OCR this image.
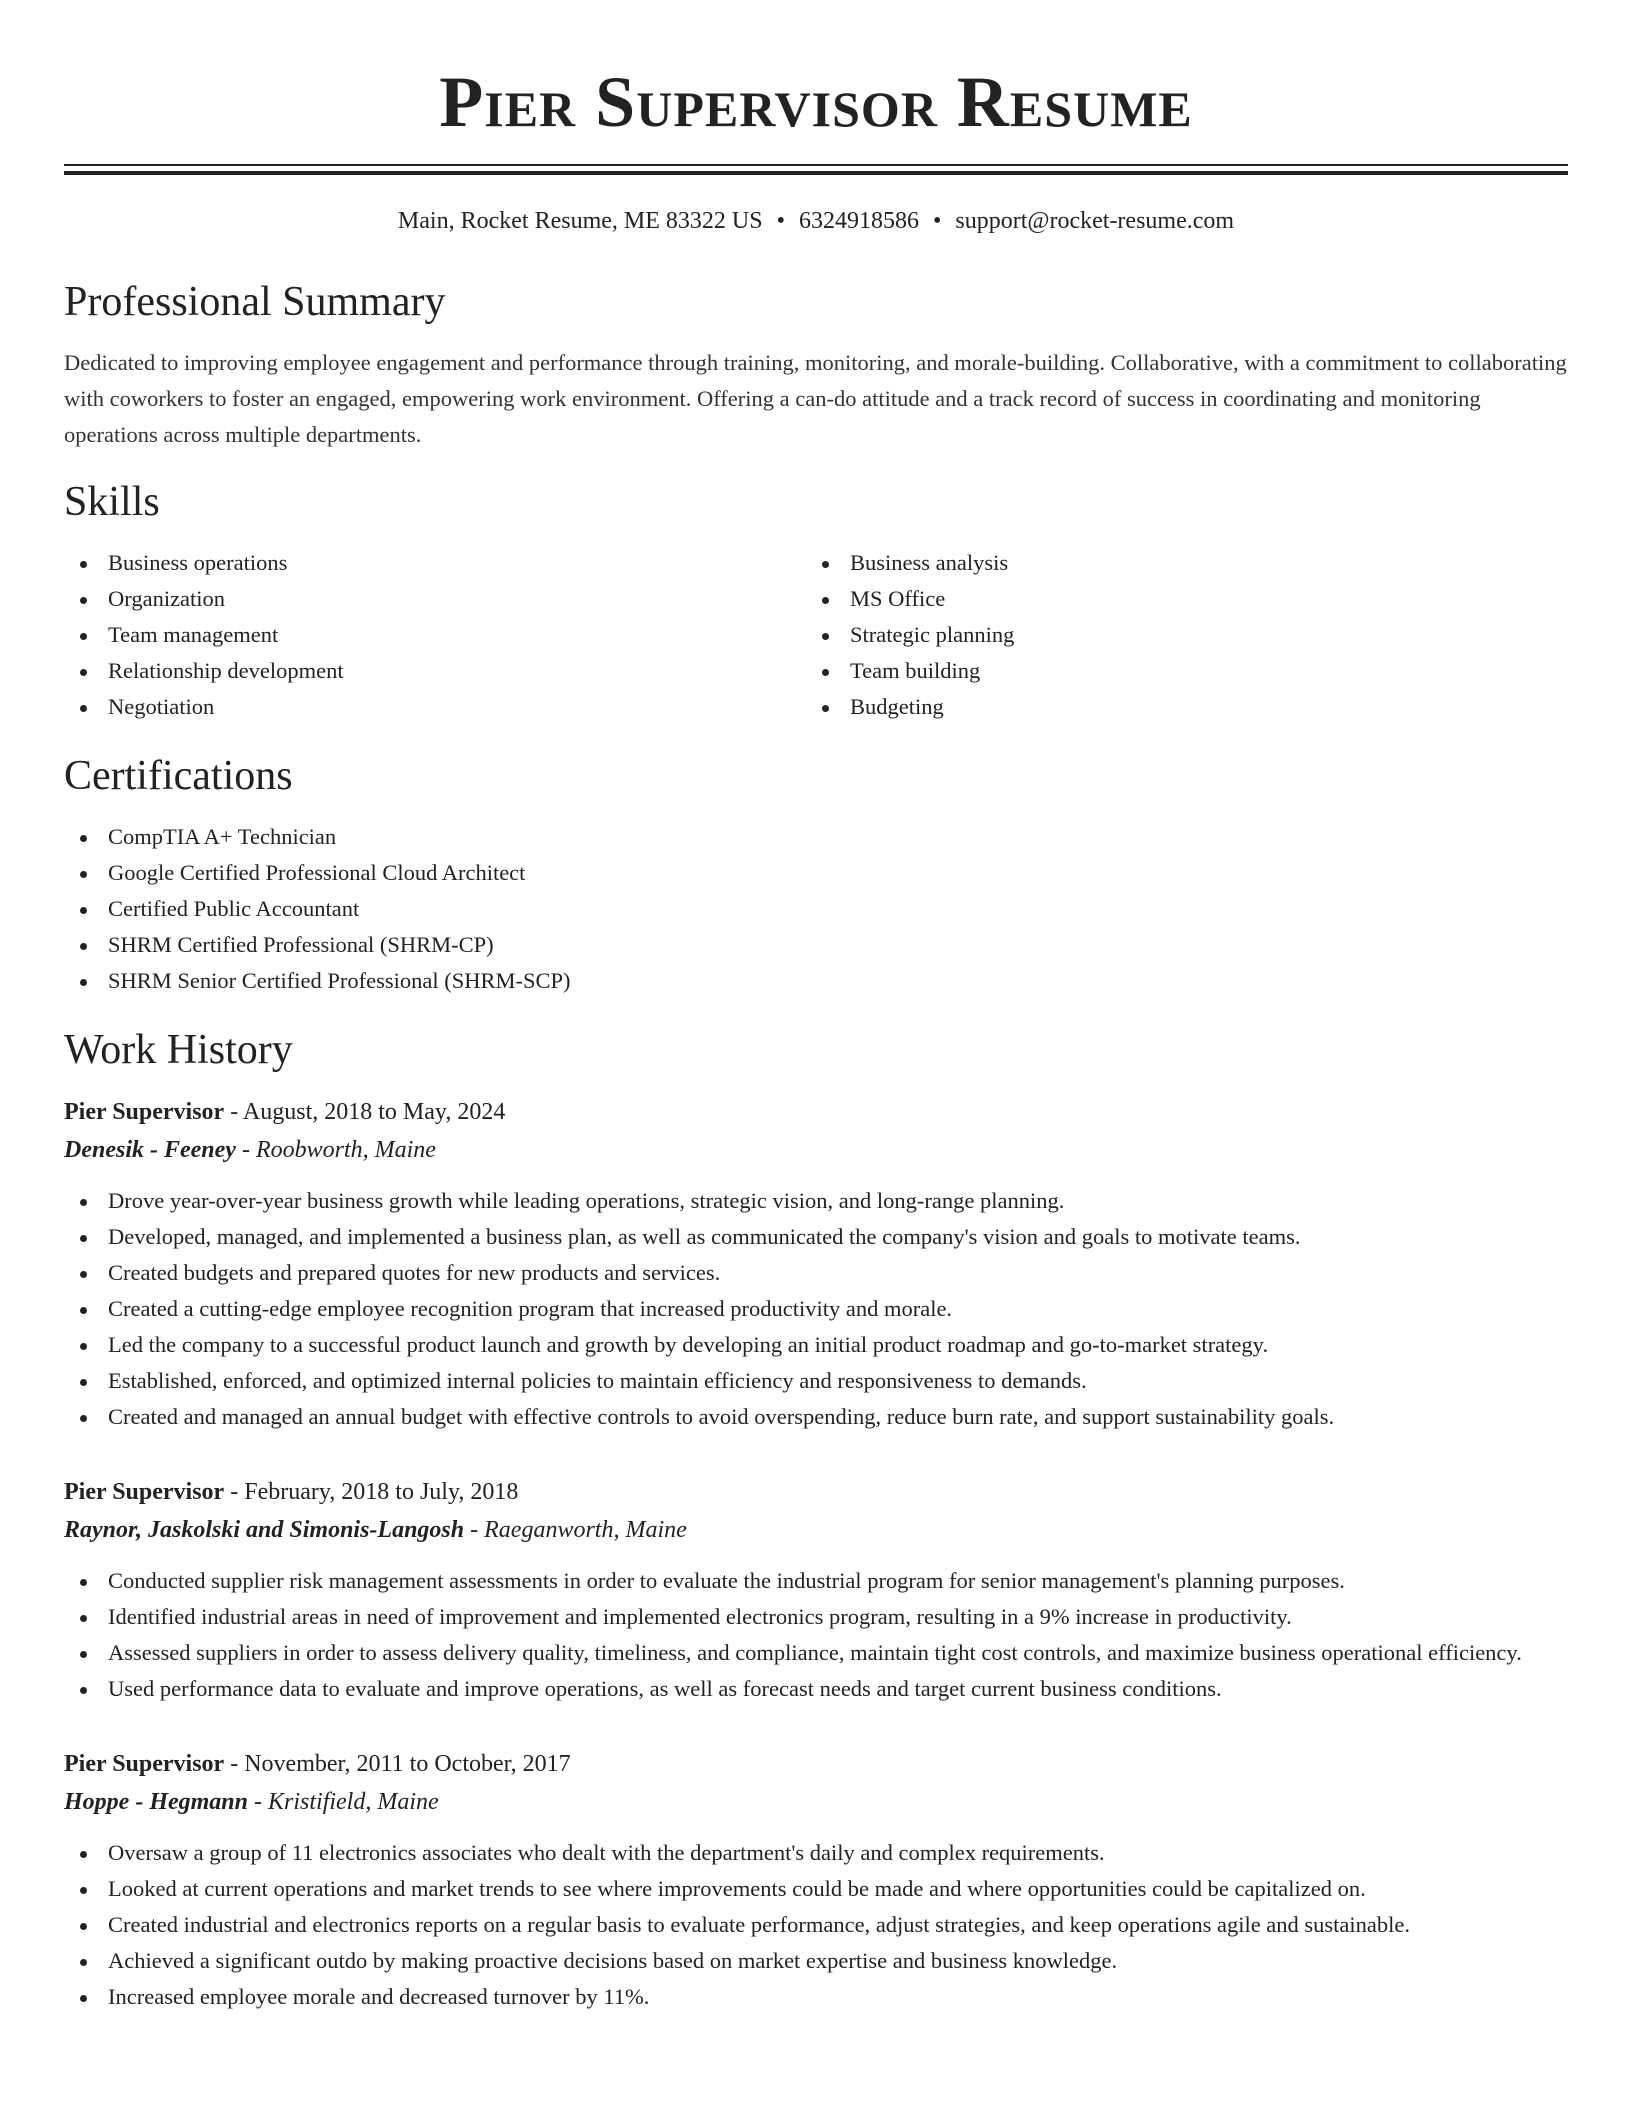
Pier Supervisor Resume
Main, Rocket Resume, ME 83322 US • 6324918586 • support@rocket-resume.com
Professional Summary
Dedicated to improving employee engagement and performance through training, monitoring, and morale-building. Collaborative, with a commitment to collaborating with coworkers to foster an engaged, empowering work environment. Offering a can-do attitude and a track record of success in coordinating and monitoring operations across multiple departments.
Skills
Business operations
Organization
Team management
Relationship development
Negotiation
Business analysis
MS Office
Strategic planning
Team building
Budgeting
Certifications
CompTIA A+ Technician
Google Certified Professional Cloud Architect
Certified Public Accountant
SHRM Certified Professional (SHRM-CP)
SHRM Senior Certified Professional (SHRM-SCP)
Work History
Pier Supervisor - August, 2018 to May, 2024
Denesik - Feeney - Roobworth, Maine
Drove year-over-year business growth while leading operations, strategic vision, and long-range planning.
Developed, managed, and implemented a business plan, as well as communicated the company's vision and goals to motivate teams.
Created budgets and prepared quotes for new products and services.
Created a cutting-edge employee recognition program that increased productivity and morale.
Led the company to a successful product launch and growth by developing an initial product roadmap and go-to-market strategy.
Established, enforced, and optimized internal policies to maintain efficiency and responsiveness to demands.
Created and managed an annual budget with effective controls to avoid overspending, reduce burn rate, and support sustainability goals.
Pier Supervisor - February, 2018 to July, 2018
Raynor, Jaskolski and Simonis-Langosh - Raeganworth, Maine
Conducted supplier risk management assessments in order to evaluate the industrial program for senior management's planning purposes.
Identified industrial areas in need of improvement and implemented electronics program, resulting in a 9% increase in productivity.
Assessed suppliers in order to assess delivery quality, timeliness, and compliance, maintain tight cost controls, and maximize business operational efficiency.
Used performance data to evaluate and improve operations, as well as forecast needs and target current business conditions.
Pier Supervisor - November, 2011 to October, 2017
Hoppe - Hegmann - Kristifield, Maine
Oversaw a group of 11 electronics associates who dealt with the department's daily and complex requirements.
Looked at current operations and market trends to see where improvements could be made and where opportunities could be capitalized on.
Created industrial and electronics reports on a regular basis to evaluate performance, adjust strategies, and keep operations agile and sustainable.
Achieved a significant outdo by making proactive decisions based on market expertise and business knowledge.
Increased employee morale and decreased turnover by 11%.
